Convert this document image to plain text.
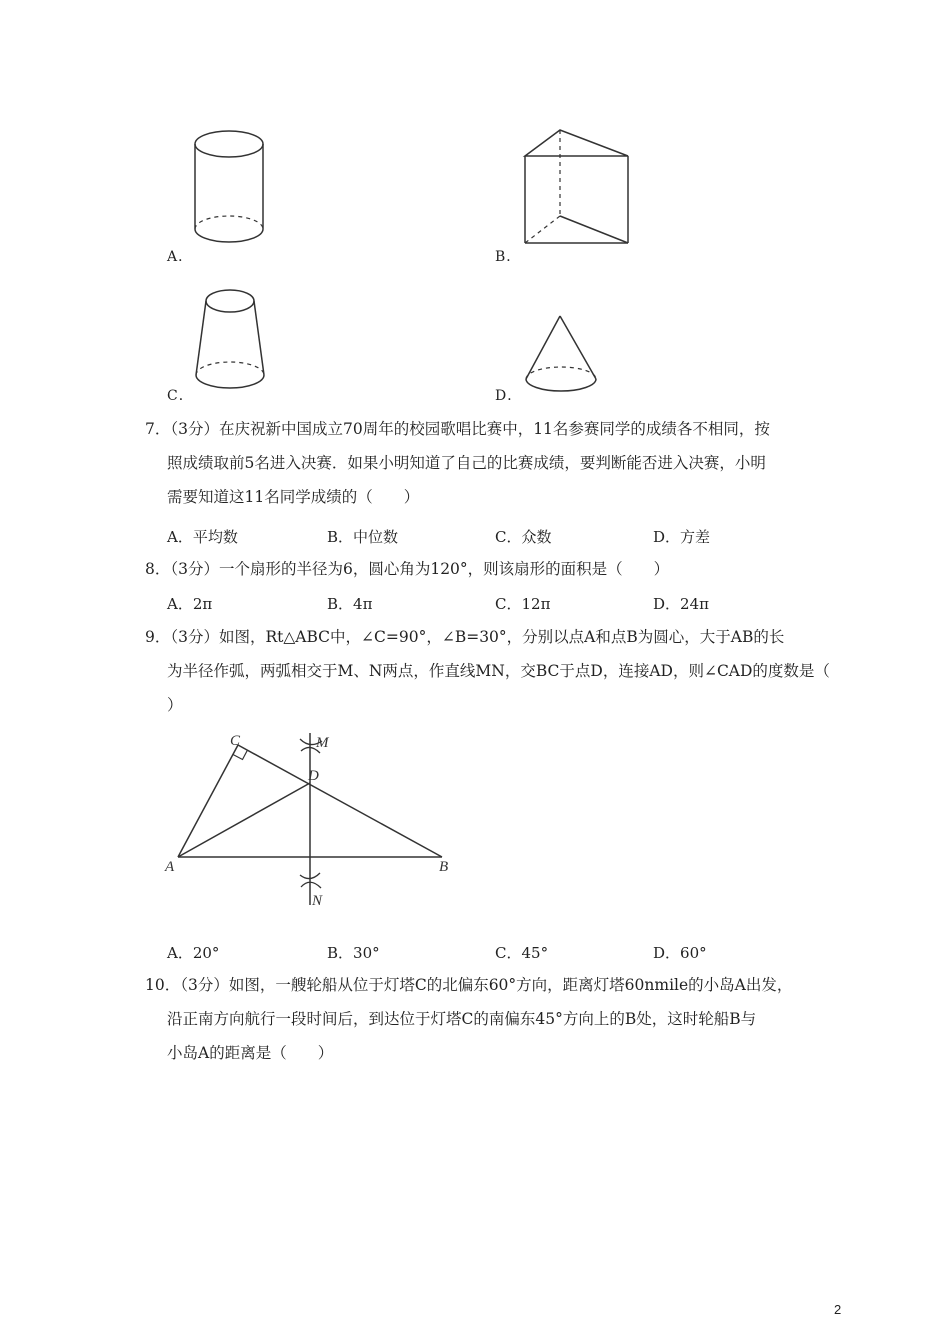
A．	B．
C．	D．
7．（3分）在庆祝新中国成立70周年的校园歌唱比赛中，11名参赛同学的成绩各不相同，按
照成绩取前5名进入决赛．如果小明知道了自己的比赛成绩，要判断能否进入决赛，小明
需要知道这11名同学成绩的（　　）
A．平均数	B．中位数	C．众数	D．方差
8．（3分）一个扇形的半径为6，圆心角为120°，则该扇形的面积是（　　）
A．2π	B．4π	C．12π	D．24π
9．（3分）如图，Rt△ABC中，∠C=90°，∠B=30°，分别以点A和点B为圆心，大于AB的长
为半径作弧，两弧相交于M、N两点，作直线MN，交BC于点D，连接AD，则∠CAD的度数是（
）
C	M
D
A	B
N
A．20°	B．30°	C．45°	D．60°
10．（3分）如图，一艘轮船从位于灯塔C的北偏东60°方向，距离灯塔60nmile的小岛A出发，
沿正南方向航行一段时间后，到达位于灯塔C的南偏东45°方向上的B处，这时轮船B与
小岛A的距离是（　　）
2
